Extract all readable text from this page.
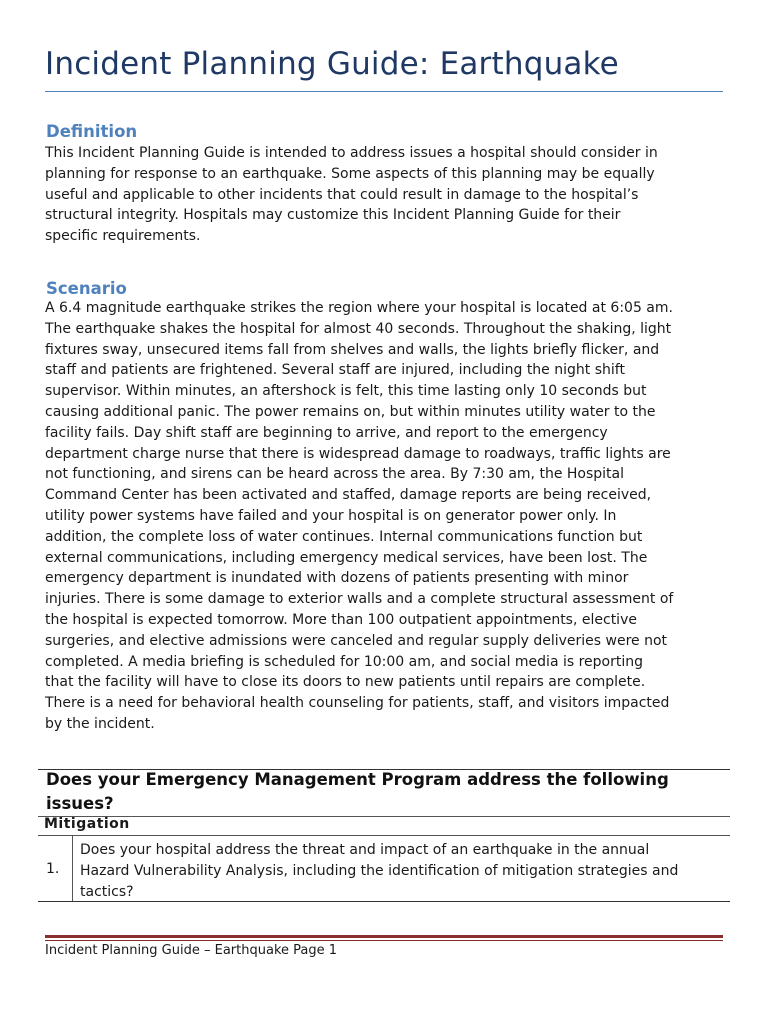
Incident Planning Guide: Earthquake
Definition
This Incident Planning Guide is intended to address issues a hospital should consider in
planning for response to an earthquake. Some aspects of this planning may be equally
useful and applicable to other incidents that could result in damage to the hospital’s
structural integrity. Hospitals may customize this Incident Planning Guide for their
specific requirements.
Scenario
A 6.4 magnitude earthquake strikes the region where your hospital is located at 6:05 am.
The earthquake shakes the hospital for almost 40 seconds. Throughout the shaking, light
fixtures sway, unsecured items fall from shelves and walls, the lights briefly flicker, and
staff and patients are frightened. Several staff are injured, including the night shift
supervisor. Within minutes, an aftershock is felt, this time lasting only 10 seconds but
causing additional panic. The power remains on, but within minutes utility water to the
facility fails. Day shift staff are beginning to arrive, and report to the emergency
department charge nurse that there is widespread damage to roadways, traffic lights are
not functioning, and sirens can be heard across the area. By 7:30 am, the Hospital
Command Center has been activated and staffed, damage reports are being received,
utility power systems have failed and your hospital is on generator power only. In
addition, the complete loss of water continues. Internal communications function but
external communications, including emergency medical services, have been lost. The
emergency department is inundated with dozens of patients presenting with minor
injuries. There is some damage to exterior walls and a complete structural assessment of
the hospital is expected tomorrow. More than 100 outpatient appointments, elective
surgeries, and elective admissions were canceled and regular supply deliveries were not
completed. A media briefing is scheduled for 10:00 am, and social media is reporting
that the facility will have to close its doors to new patients until repairs are complete.
There is a need for behavioral health counseling for patients, staff, and visitors impacted
by the incident.
Does your Emergency Management Program address the following issues?
Mitigation
1.
Does your hospital address the threat and impact of an earthquake in the annual
Hazard Vulnerability Analysis, including the identification of mitigation strategies and
tactics?
Incident Planning Guide – Earthquake Page 1
